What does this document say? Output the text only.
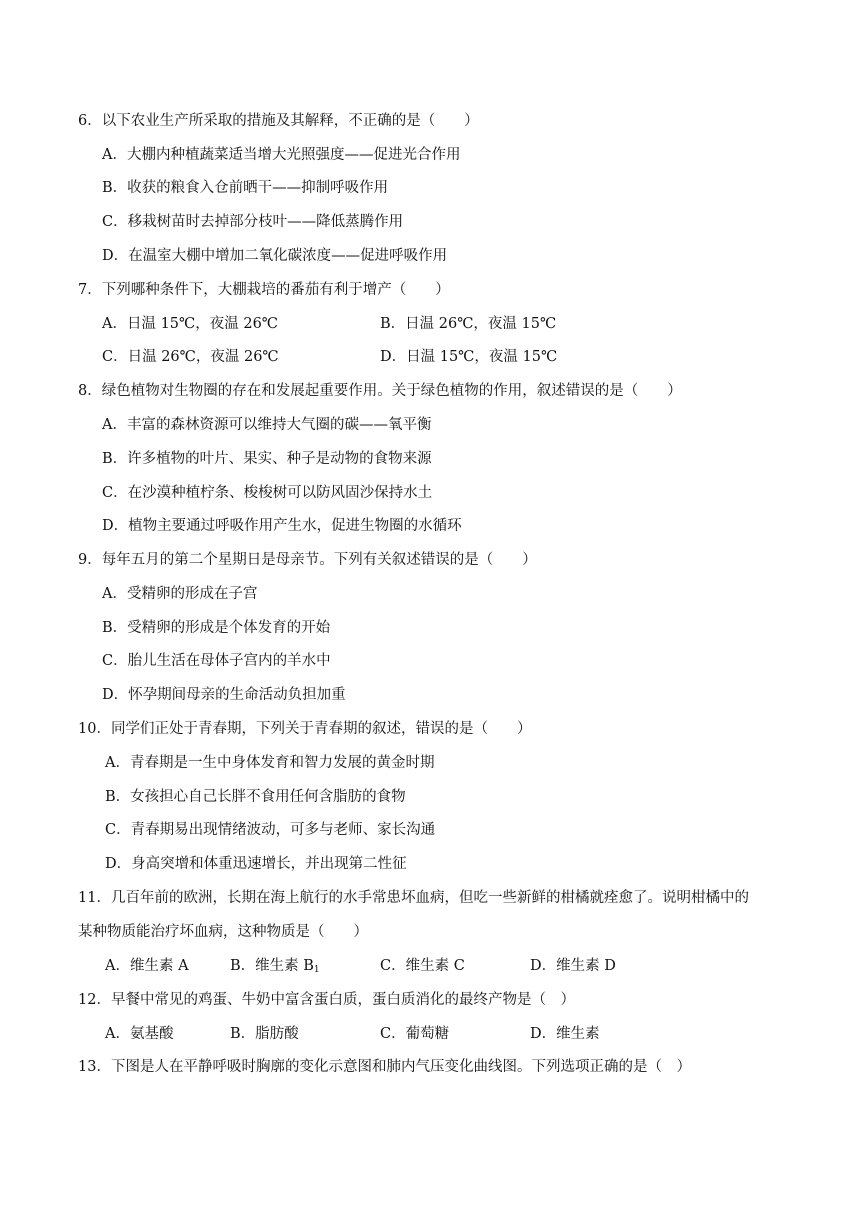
6．以下农业生产所采取的措施及其解释，不正确的是（　　）
A．大棚内种植蔬菜适当增大光照强度——促进光合作用
B．收获的粮食入仓前晒干——抑制呼吸作用
C．移栽树苗时去掉部分枝叶——降低蒸腾作用
D．在温室大棚中增加二氧化碳浓度——促进呼吸作用
7．下列哪种条件下，大棚栽培的番茄有利于增产（　　）
A．日温 15℃，夜温 26℃	B．日温 26℃，夜温 15℃
C．日温 26℃，夜温 26℃	D．日温 15℃，夜温 15℃
8．绿色植物对生物圈的存在和发展起重要作用。关于绿色植物的作用，叙述错误的是（　　）
A．丰富的森林资源可以维持大气圈的碳——氧平衡
B．许多植物的叶片、果实、种子是动物的食物来源
C．在沙漠种植柠条、梭梭树可以防风固沙保持水土
D．植物主要通过呼吸作用产生水，促进生物圈的水循环
9．每年五月的第二个星期日是母亲节。下列有关叙述错误的是（　　）
A．受精卵的形成在子宫
B．受精卵的形成是个体发育的开始
C．胎儿生活在母体子宫内的羊水中
D．怀孕期间母亲的生命活动负担加重
10．同学们正处于青春期，下列关于青春期的叙述，错误的是（　　）
A．青春期是一生中身体发育和智力发展的黄金时期
B．女孩担心自己长胖不食用任何含脂肪的食物
C．青春期易出现情绪波动，可多与老师、家长沟通
D．身高突增和体重迅速增长，并出现第二性征
11．几百年前的欧洲，长期在海上航行的水手常患坏血病，但吃一些新鲜的柑橘就痊愈了。说明柑橘中的
某种物质能治疗坏血病，这种物质是（　　）
A．维生素 A	B．维生素 $B_1$	C．维生素 C	D．维生素 D
12．早餐中常见的鸡蛋、牛奶中富含蛋白质，蛋白质消化的最终产物是（　）
A．氨基酸	B．脂肪酸	C．葡萄糖	D．维生素
13．下图是人在平静呼吸时胸廓的变化示意图和肺内气压变化曲线图。下列选项正确的是（　）
